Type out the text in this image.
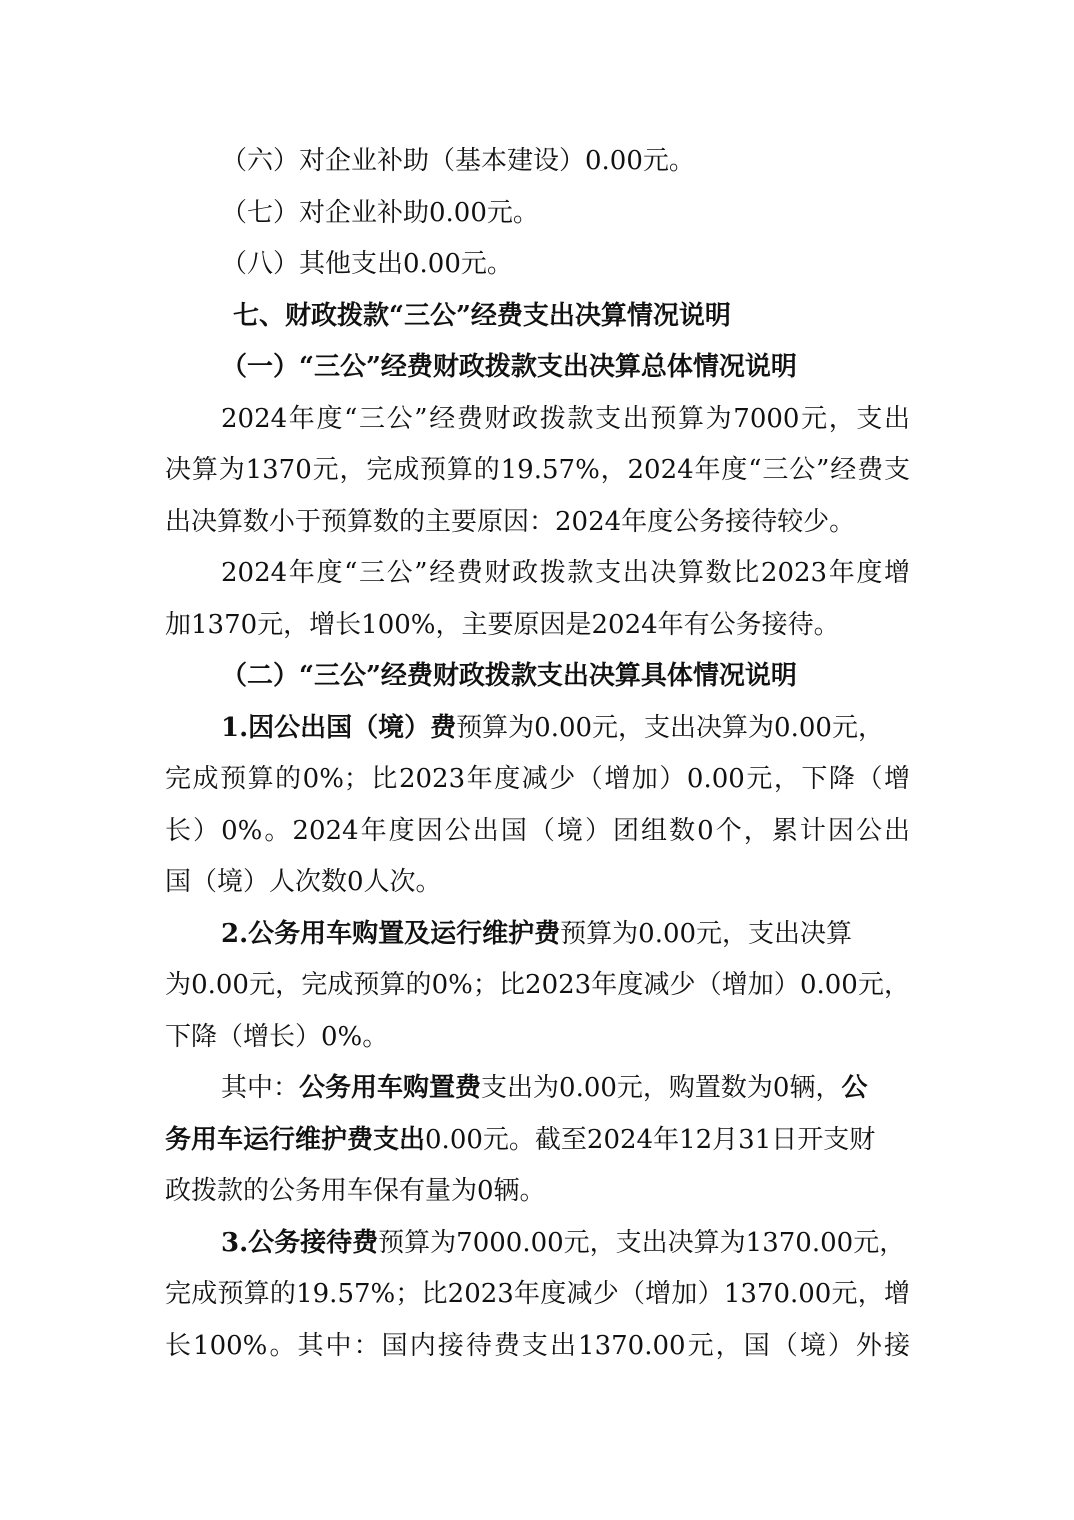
（六）对企业补助（基本建设）0.00元。
（七）对企业补助0.00元。
（八）其他支出0.00元。
七、财政拨款“三公”经费支出决算情况说明
（一）“三公”经费财政拨款支出决算总体情况说明
2024年度“三公”经费财政拨款支出预算为7000元，支出
决算为1370元，完成预算的19.57%，2024年度“三公”经费支
出决算数小于预算数的主要原因：2024年度公务接待较少。
2024年度“三公”经费财政拨款支出决算数比2023年度增
加1370元，增长100%，主要原因是2024年有公务接待。
（二）“三公”经费财政拨款支出决算具体情况说明
1.因公出国（境）费预算为0.00元，支出决算为0.00元，
完成预算的0%；比2023年度减少（增加）0.00元，下降（增
长）0%。2024年度因公出国（境）团组数0个，累计因公出
国（境）人次数0人次。
2.公务用车购置及运行维护费预算为0.00元，支出决算
为0.00元，完成预算的0%；比2023年度减少（增加）0.00元，
下降（增长）0%。
其中：公务用车购置费支出为0.00元，购置数为0辆，公
务用车运行维护费支出0.00元。截至2024年12月31日开支财
政拨款的公务用车保有量为0辆。
3.公务接待费预算为7000.00元，支出决算为1370.00元，
完成预算的19.57%；比2023年度减少（增加）1370.00元，增
长100%。其中：国内接待费支出1370.00元，国（境）外接
